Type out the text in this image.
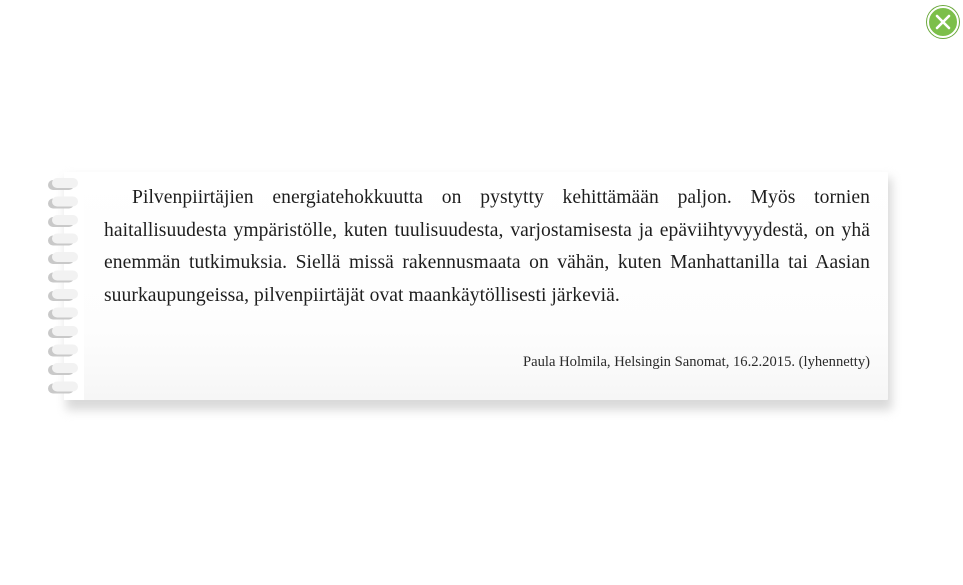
Pilvenpiirtäjien energiatehokkuutta on pystytty kehittämään paljon. Myös tornien haitallisuudesta ympäristölle, kuten tuulisuudesta, varjostamisesta ja epäviihtyvyydestä, on yhä enemmän tutkimuksia. Siellä missä rakennusmaata on vähän, kuten Manhattanilla tai Aasian suurkaupungeissa, pilvenpiirtäjät ovat maankäytöllisesti järkeviä.

Paula Holmila, Helsingin Sanomat, 16.2.2015. (lyhennetty)
